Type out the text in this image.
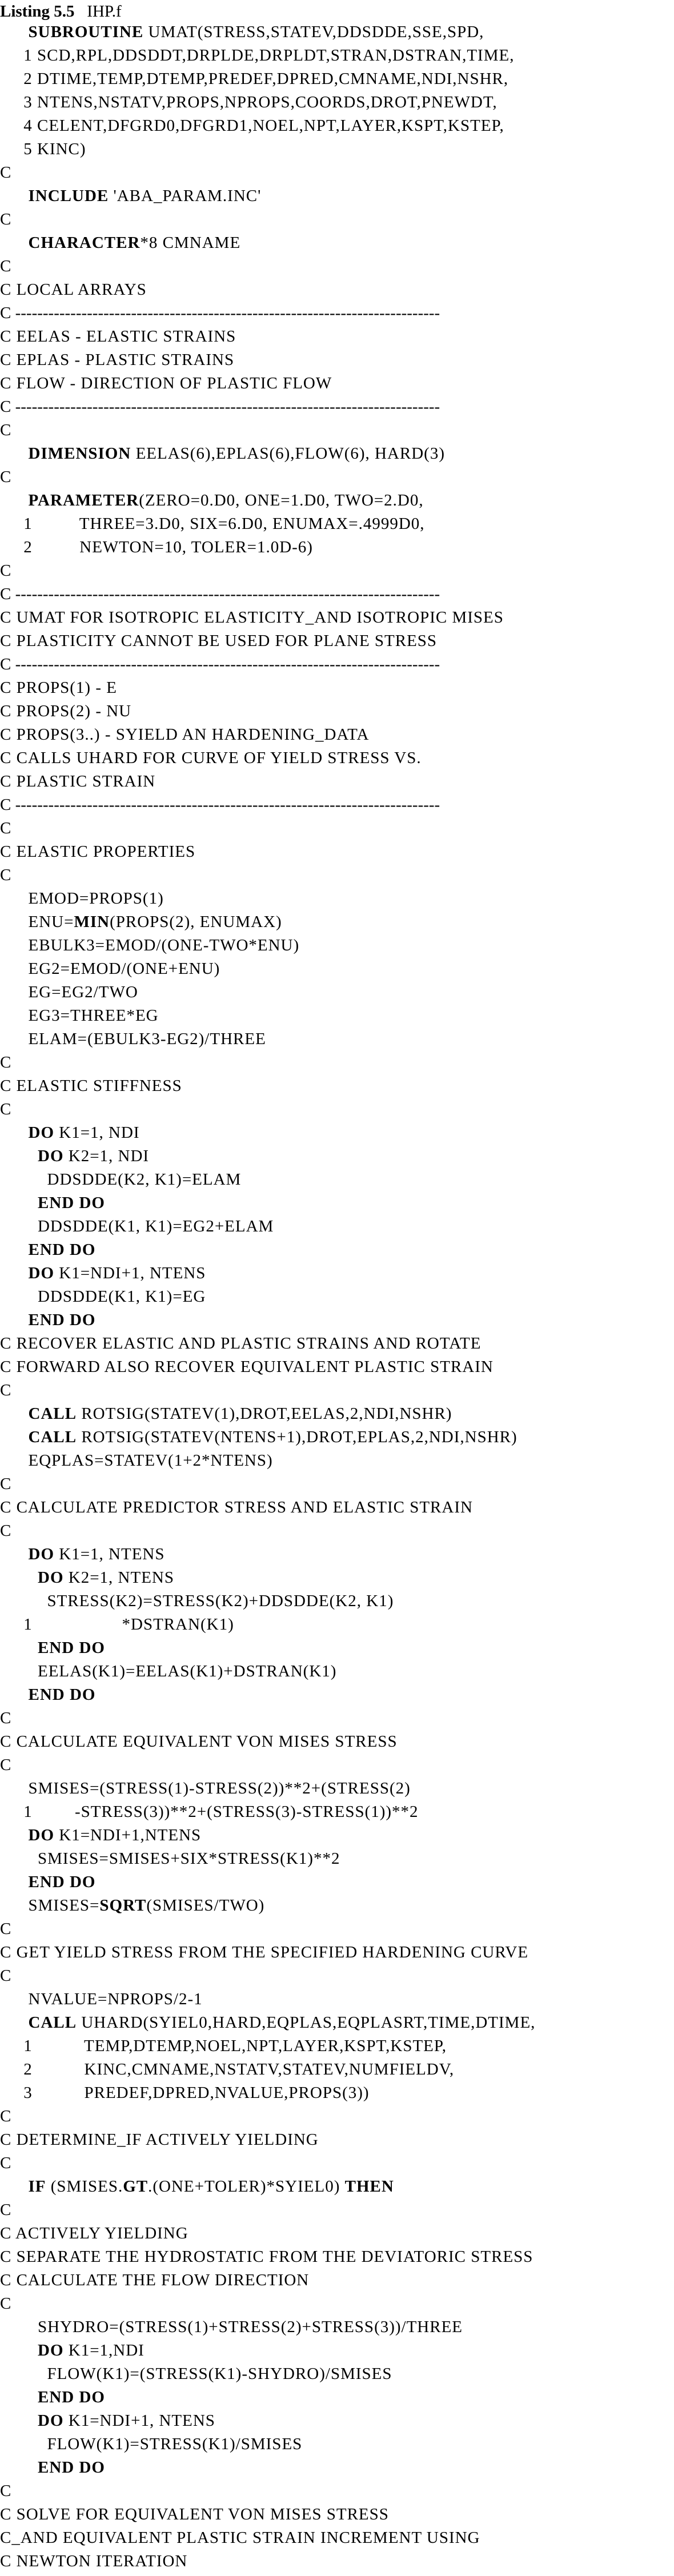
Listing 5.5 IHP.f
SUBROUTINE UMAT(STRESS,STATEV,DDSDDE,SSE,SPD,
1 SCD,RPL,DDSDDT,DRPLDE,DRPLDT,STRAN,DSTRAN,TIME,
2 DTIME,TEMP,DTEMP,PREDEF,DPRED,CMNAME,NDI,NSHR,
3 NTENS,NSTATV,PROPS,NPROPS,COORDS,DROT,PNEWDT,
4 CELENT,DFGRD0,DFGRD1,NOEL,NPT,LAYER,KSPT,KSTEP,
5 KINC)
C
INCLUDE 'ABA_PARAM.INC'
C
CHARACTER*8 CMNAME
C
C LOCAL ARRAYS
C -----------------------------------------------------------------------------
C EELAS - ELASTIC STRAINS
C EPLAS - PLASTIC STRAINS
C FLOW - DIRECTION OF PLASTIC FLOW
C -----------------------------------------------------------------------------
C
DIMENSION EELAS(6),EPLAS(6),FLOW(6), HARD(3)
C
PARAMETER(ZERO=0.D0, ONE=1.D0, TWO=2.D0,
1          THREE=3.D0, SIX=6.D0, ENUMAX=.4999D0,
2          NEWTON=10, TOLER=1.0D-6)
C
C -----------------------------------------------------------------------------
C UMAT FOR ISOTROPIC ELASTICITY_AND ISOTROPIC MISES
C PLASTICITY CANNOT BE USED FOR PLANE STRESS
C -----------------------------------------------------------------------------
C PROPS(1) - E
C PROPS(2) - NU
C PROPS(3..) - SYIELD AN HARDENING_DATA
C CALLS UHARD FOR CURVE OF YIELD STRESS VS.
C PLASTIC STRAIN
C -----------------------------------------------------------------------------
C
C ELASTIC PROPERTIES
C
EMOD=PROPS(1)
ENU=MIN(PROPS(2), ENUMAX)
EBULK3=EMOD/(ONE-TWO*ENU)
EG2=EMOD/(ONE+ENU)
EG=EG2/TWO
EG3=THREE*EG
ELAM=(EBULK3-EG2)/THREE
C
C ELASTIC STIFFNESS
C
DO K1=1, NDI
DO K2=1, NDI
DDSDDE(K2, K1)=ELAM
END DO
DDSDDE(K1, K1)=EG2+ELAM
END DO
DO K1=NDI+1, NTENS
DDSDDE(K1, K1)=EG
END DO
C RECOVER ELASTIC AND PLASTIC STRAINS AND ROTATE
C FORWARD ALSO RECOVER EQUIVALENT PLASTIC STRAIN
C
CALL ROTSIG(STATEV(1),DROT,EELAS,2,NDI,NSHR)
CALL ROTSIG(STATEV(NTENS+1),DROT,EPLAS,2,NDI,NSHR)
EQPLAS=STATEV(1+2*NTENS)
C
C CALCULATE PREDICTOR STRESS AND ELASTIC STRAIN
C
DO K1=1, NTENS
DO K2=1, NTENS
STRESS(K2)=STRESS(K2)+DDSDDE(K2, K1)
1                   *DSTRAN(K1)
END DO
EELAS(K1)=EELAS(K1)+DSTRAN(K1)
END DO
C
C CALCULATE EQUIVALENT VON MISES STRESS
C
SMISES=(STRESS(1)-STRESS(2))**2+(STRESS(2)
1         -STRESS(3))**2+(STRESS(3)-STRESS(1))**2
DO K1=NDI+1,NTENS
SMISES=SMISES+SIX*STRESS(K1)**2
END DO
SMISES=SQRT(SMISES/TWO)
C
C GET YIELD STRESS FROM THE SPECIFIED HARDENING CURVE
C
NVALUE=NPROPS/2-1
CALL UHARD(SYIEL0,HARD,EQPLAS,EQPLASRT,TIME,DTIME,
1           TEMP,DTEMP,NOEL,NPT,LAYER,KSPT,KSTEP,
2           KINC,CMNAME,NSTATV,STATEV,NUMFIELDV,
3           PREDEF,DPRED,NVALUE,PROPS(3))
C
C DETERMINE_IF ACTIVELY YIELDING
C
IF (SMISES.GT.(ONE+TOLER)*SYIEL0) THEN
C
C ACTIVELY YIELDING
C SEPARATE THE HYDROSTATIC FROM THE DEVIATORIC STRESS
C CALCULATE THE FLOW DIRECTION
C
SHYDRO=(STRESS(1)+STRESS(2)+STRESS(3))/THREE
DO K1=1,NDI
FLOW(K1)=(STRESS(K1)-SHYDRO)/SMISES
END DO
DO K1=NDI+1, NTENS
FLOW(K1)=STRESS(K1)/SMISES
END DO
C
C SOLVE FOR EQUIVALENT VON MISES STRESS
C_AND EQUIVALENT PLASTIC STRAIN INCREMENT USING
C NEWTON ITERATION
